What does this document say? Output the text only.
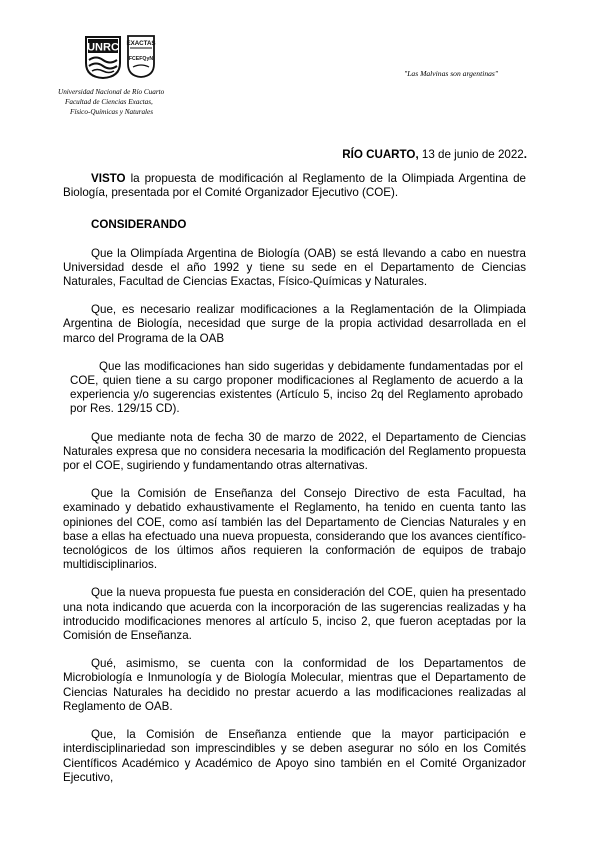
UNRC EXACTAS
FCEFQyN
Universidad Nacional de Río Cuarto
Facultad de Ciencias Exactas,
Físico-Químicas y Naturales
"Las Malvinas son argentinas"
RÍO CUARTO, 13 de junio de 2022.

VISTO la propuesta de modificación al Reglamento de la Olimpiada Argentina de Biología, presentada por el Comité Organizador Ejecutivo (COE).

CONSIDERANDO

Que la Olimpíada Argentina de Biología (OAB) se está llevando a cabo en nuestra Universidad desde el año 1992 y tiene su sede en el Departamento de Ciencias Naturales, Facultad de Ciencias Exactas, Físico-Químicas y Naturales.

Que, es necesario realizar modificaciones a la Reglamentación de la Olimpiada Argentina de Biología, necesidad que surge de la propia actividad desarrollada en el marco del Programa de la OAB

Que las modificaciones han sido sugeridas y debidamente fundamentadas por el COE, quien tiene a su cargo proponer modificaciones al Reglamento de acuerdo a la experiencia y/o sugerencias existentes (Artículo 5, inciso 2q del Reglamento aprobado por Res. 129/15 CD).

Que mediante nota de fecha 30 de marzo de 2022, el Departamento de Ciencias Naturales expresa que no considera necesaria la modificación del Reglamento propuesta por el COE, sugiriendo y fundamentando otras alternativas.

Que la Comisión de Enseñanza del Consejo Directivo de esta Facultad, ha examinado y debatido exhaustivamente el Reglamento, ha tenido en cuenta tanto las opiniones del COE, como así también las del Departamento de Ciencias Naturales y en base a ellas ha efectuado una nueva propuesta, considerando que los avances científico-tecnológicos de los últimos años requieren la conformación de equipos de trabajo multidisciplinarios.

Que la nueva propuesta fue puesta en consideración del COE, quien ha presentado una nota indicando que acuerda con la incorporación de las sugerencias realizadas y ha introducido modificaciones menores al artículo 5, inciso 2, que fueron aceptadas por la Comisión de Enseñanza.

Qué, asimismo, se cuenta con la conformidad de los Departamentos de Microbiología e Inmunología y de Biología Molecular, mientras que el Departamento de Ciencias Naturales ha decidido no prestar acuerdo a las modificaciones realizadas al Reglamento de OAB.

Que, la Comisión de Enseñanza entiende que la mayor participación e interdisciplinariedad son imprescindibles y se deben asegurar no sólo en los Comités Científicos Académico y Académico de Apoyo sino también en el Comité Organizador Ejecutivo,
